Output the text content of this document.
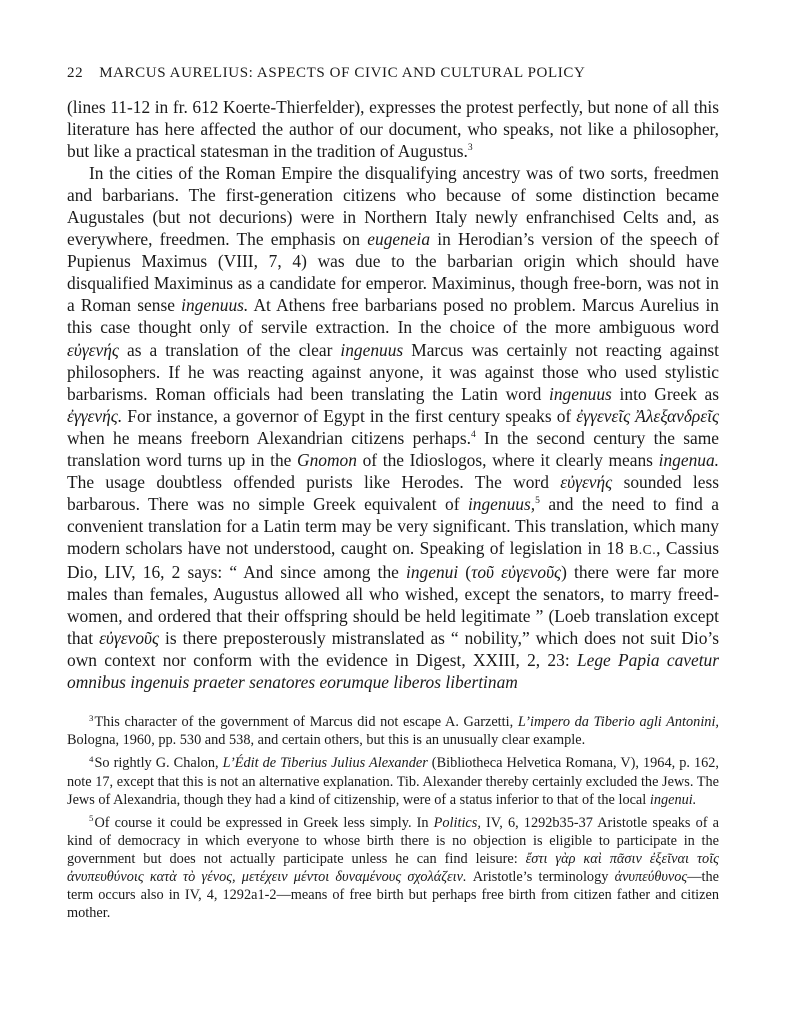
22 MARCUS AURELIUS: ASPECTS OF CIVIC AND CULTURAL POLICY

(lines 11-12 in fr. 612 Koerte-Thierfelder), expresses the protest perfectly, but none of all this literature has here affected the author of our document, who speaks, not like a philosopher, but like a practical statesman in the tradition of Augustus.$^3$

In the cities of the Roman Empire the disqualifying ancestry was of two sorts, freedmen and barbarians. The first-generation citizens who because of some distinction became Augustales (but not decurions) were in Northern Italy newly enfranchised Celts and, as everywhere, freedmen. The emphasis on eugeneia in Herodian’s version of the speech of Pupienus Maximus (VIII, 7, 4) was due to the barbarian origin which should have disqualified Maximinus as a candidate for emperor. Maximinus, though free-born, was not in a Roman sense ingenuus. At Athens free barbarians posed no problem. Marcus Aurelius in this case thought only of servile extraction. In the choice of the more ambiguous word εὐγενής as a translation of the clear ingenuus Marcus was certainly not reacting against philosophers. If he was reacting against anyone, it was against those who used stylistic barbarisms. Roman officials had been translating the Latin word ingenuus into Greek as ἐγγενής. For instance, a governor of Egypt in the first century speaks of ἐγγενεῖς Ἀλεξανδρεῖς when he means freeborn Alexandrian citizens perhaps.$^4$ In the second century the same translation word turns up in the Gnomon of the Idioslogos, where it clearly means ingenua. The usage doubtless offended purists like Herodes. The word εὐγενής sounded less barbarous. There was no simple Greek equivalent of ingenuus,$^5$ and the need to find a convenient translation for a Latin term may be very significant. This translation, which many modern scholars have not understood, caught on. Speaking of legislation in 18 B.C., Cassius Dio, LIV, 16, 2 says: “ And since among the ingenui (τοῦ εὐγενοῦς) there were far more males than females, Augustus allowed all who wished, except the senators, to marry freedwomen, and ordered that their offspring should be held legitimate ” (Loeb translation except that εὐγενοῦς is there preposterously mistranslated as “ nobility,” which does not suit Dio’s own context nor conform with the evidence in Digest, XXIII, 2, 23: Lege Papia cavetur omnibus ingenuis praeter senatores eorumque liberos libertinam

$^3$This character of the government of Marcus did not escape A. Garzetti, L’impero da Tiberio agli Antonini, Bologna, 1960, pp. 530 and 538, and certain others, but this is an unusually clear example.

$^4$So rightly G. Chalon, L’Édit de Tiberius Julius Alexander (Bibliotheca Helvetica Romana, V), 1964, p. 162, note 17, except that this is not an alternative explanation. Tib. Alexander thereby certainly excluded the Jews. The Jews of Alexandria, though they had a kind of citizenship, were of a status inferior to that of the local ingenui.

$^5$Of course it could be expressed in Greek less simply. In Politics, IV, 6, 1292b35-37 Aristotle speaks of a kind of democracy in which everyone to whose birth there is no objection is eligible to participate in the government but does not actually participate unless he can find leisure: ἔστι γὰρ καὶ πᾶσιν ἐξεῖναι τοῖς ἀνυπευθύνοις κατὰ τὸ γένος, μετέχειν μέντοι δυναμένους σχολάζειν. Aristotle’s terminology ἀνυπεύθυνος—the term occurs also in IV, 4, 1292a1-2—means of free birth but perhaps free birth from citizen father and citizen mother.
